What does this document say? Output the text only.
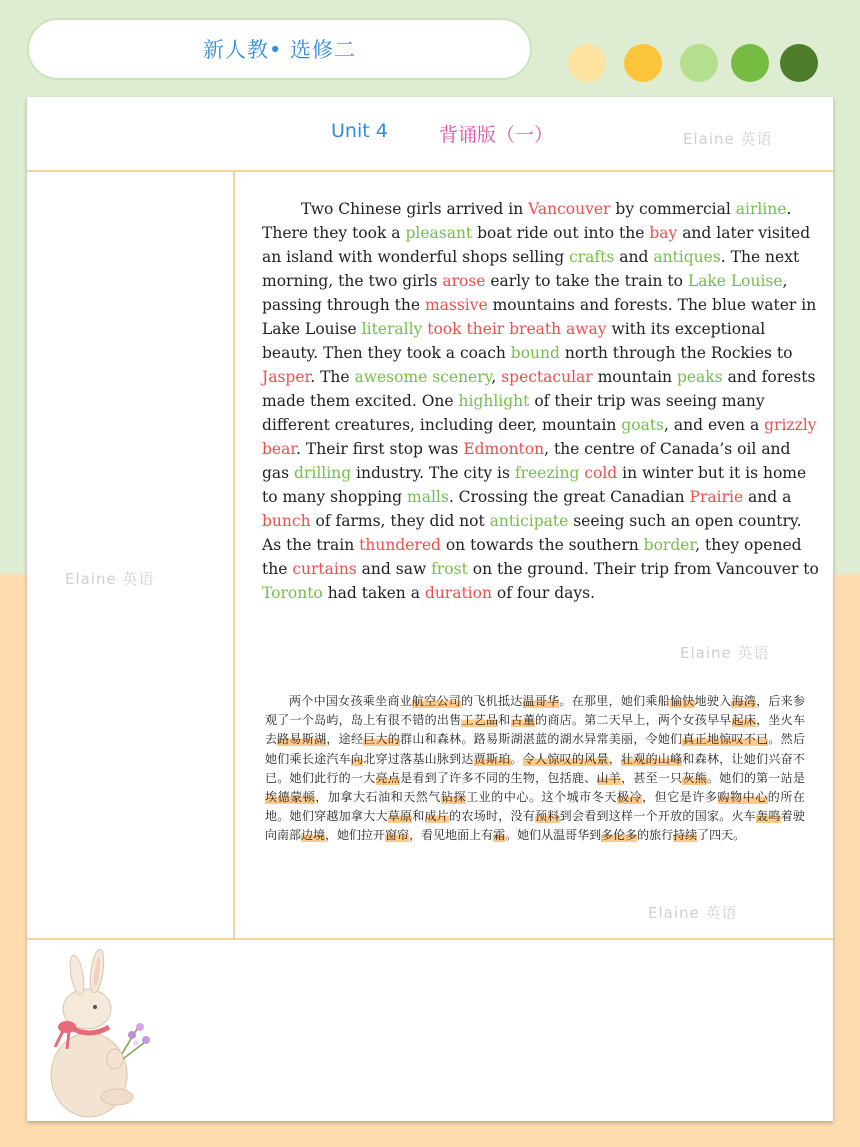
新人教• 选修二
Unit 4	背诵版（一）	Elaine 英语
Elaine 英语
Elaine 英语
Elaine 英语

Two Chinese girls arrived in Vancouver by commercial airline. There they took a pleasant boat ride out into the bay and later visited an island with wonderful shops selling crafts and antiques. The next morning, the two girls arose early to take the train to Lake Louise, passing through the massive mountains and forests. The blue water in Lake Louise literally took their breath away with its exceptional beauty. Then they took a coach bound north through the Rockies to Jasper. The awesome scenery, spectacular mountain peaks and forests made them excited. One highlight of their trip was seeing many different creatures, including deer, mountain goats, and even a grizzly bear. Their first stop was Edmonton, the centre of Canada’s oil and gas drilling industry. The city is freezing cold in winter but it is home to many shopping malls. Crossing the great Canadian Prairie and a bunch of farms, they did not anticipate seeing such an open country. As the train thundered on towards the southern border, they opened the curtains and saw frost on the ground. Their trip from Vancouver to Toronto had taken a duration of four days.

两个中国女孩乘坐商业航空公司的飞机抵达温哥华。在那里，她们乘船愉快地驶入海湾，后来参观了一个岛屿，岛上有很不错的出售工艺品和古董的商店。第二天早上，两个女孩早早起床，坐火车去路易斯湖，途经巨大的群山和森林。路易斯湖湛蓝的湖水异常美丽，令她们真正地惊叹不已。然后她们乘长途汽车向北穿过落基山脉到达贾斯珀。令人惊叹的风景，壮观的山峰和森林，让她们兴奋不已。她们此行的一大亮点是看到了许多不同的生物，包括鹿、山羊，甚至一只灰熊。她们的第一站是埃德蒙顿，加拿大石油和天然气钻探工业的中心。这个城市冬天极冷，但它是许多购物中心的所在地。她们穿越加拿大大草原和成片的农场时，没有预料到会看到这样一个开放的国家。火车轰鸣着驶向南部边境，她们拉开窗帘，看见地面上有霜。她们从温哥华到多伦多的旅行持续了四天。
